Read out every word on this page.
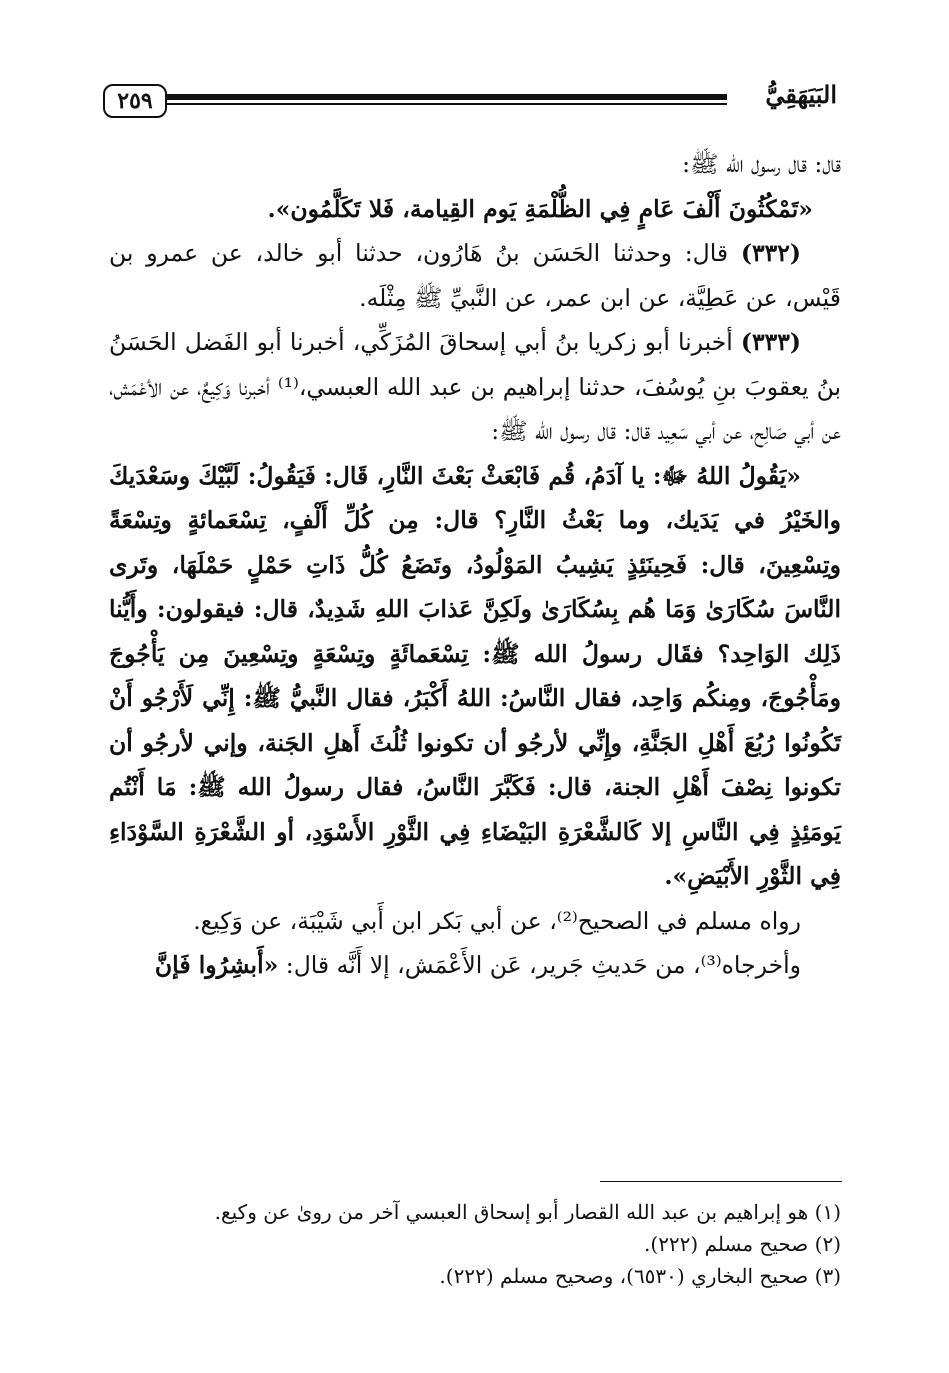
٢٥٩	البَيَهَقِيُّ

قال: قال رسول الله ﷺ:

«تَمْكُثُونَ أَلْفَ عَامٍ فِي الظُّلْمَةِ يَوم القِيامة، فَلا تَكَلَّمُون».

(٣٣٢) قال: وحدثنا الحَسَن بنُ هَارُون، حدثنا أبو خالد، عن عمرو بن قَيْس، عن عَطِيَّة، عن ابن عمر، عن النَّبيِّ ﷺ مِثْلَه.

(٣٣٣) أخبرنا أبو زكريا بنُ أبي إسحاقَ المُزَكِّي، أخبرنا أبو الفَضل الحَسَنُ بنُ يعقوبَ بنِ يُوسُفَ، حدثنا إبراهيم بن عبد الله العبسي،⁽¹⁾ أخبرنا وَكِيعٌ، عن الأعْمَش، عن أبي صَالِح، عن أبي سَعِيد قال: قال رسول الله ﷺ:

«يَقُولُ اللهُ ﷻ: يا آدَمُ، قُم فَابْعَثْ بَعْثَ النَّارِ، قَال: فَيَقُولُ: لَبَّيْكَ وسَعْدَيكَ والخَيْرُ في يَدَيك، وما بَعْثُ النَّارِ؟ قال: مِن كُلِّ أَلْفٍ، تِسْعَمائةٍ وتِسْعَةً وتِسْعِينَ، قال: فَحِينَئِذٍ يَشِيبُ المَوْلُودُ، وتَضَعُ كُلُّ ذَاتِ حَمْلٍ حَمْلَهَا، وتَرى النَّاسَ سُكَارَىٰ وَمَا هُم بِسُكَارَىٰ ولَكِنَّ عَذابَ اللهِ شَدِيدٌ، قال: فيقولون: وأَيُّنا ذَلِك الوَاحِد؟ فقَال رسولُ الله ﷺ: تِسْعَمائَةٍ وتِسْعَةٍ وتِسْعِينَ مِن يَأْجُوجَ ومَأْجُوجَ، ومِنكُم وَاحِد، فقال النَّاسُ: اللهُ أَكْبَرُ، فقال النَّبيُّ ﷺ: إِنِّي لَأَرْجُو أَنْ تَكُونُوا رُبُعَ أَهْلِ الجَنَّةِ، وإِنِّي لأرجُو أن تكونوا ثُلُثَ أَهلِ الجَنة، وإني لأرجُو أن تكونوا نِصْفَ أَهْلِ الجنة، قال: فَكَبَّرَ النَّاسُ، فقال رسولُ الله ﷺ: مَا أَنْتُم يَومَئِذٍ فِي النَّاسِ إلا كَالشَّعْرَةِ البَيْضَاءِ فِي الثَّوْرِ الأَسْوَدِ، أو الشَّعْرَةِ السَّوْدَاءِ فِي الثَّوْرِ الأَبْيَضِ».

رواه مسلم في الصحيح⁽²⁾، عن أبي بَكر ابن أَبي شَيْبَة، عن وَكِيع.

وأخرجاه⁽³⁾، من حَديثِ جَرير، عَن الأَعْمَش، إلا أَنَّه قال: «أَبشِرُوا فَإنَّ

(١) هو إبراهيم بن عبد الله القصار أبو إسحاق العبسي آخر من روىٰ عن وكيع.

(٢) صحيح مسلم (٢٢٢).

(٣) صحيح البخاري (٦٥٣٠)، وصحيح مسلم (٢٢٢).
